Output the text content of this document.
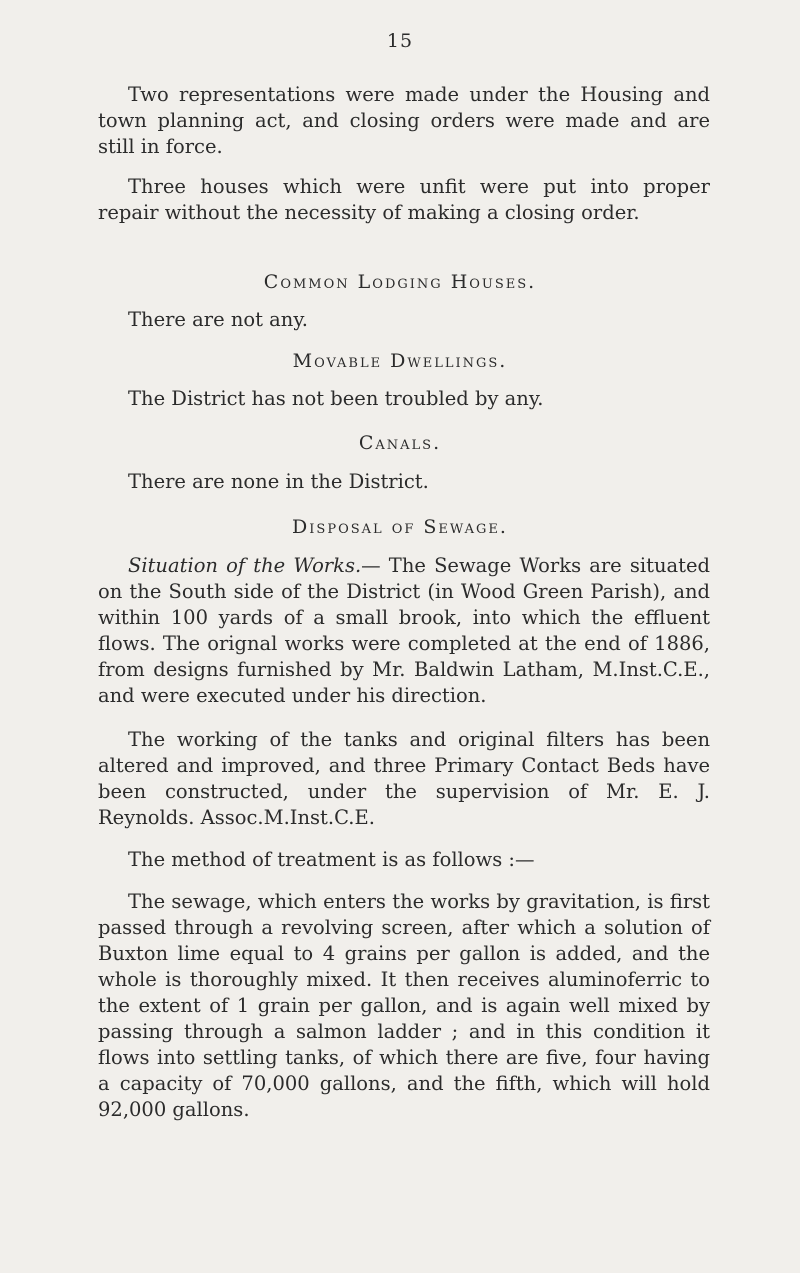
15

Two representations were made under the Housing and town planning act, and closing orders were made and are still in force.

Three houses which were unfit were put into proper repair without the necessity of making a closing order.

Common Lodging Houses.
There are not any.
Movable Dwellings.
The District has not been troubled by any.
Canals.
There are none in the District.
Disposal of Sewage.

Situation of the Works.— The Sewage Works are situated on the South side of the District (in Wood Green Parish), and within 100 yards of a small brook, into which the effluent flows. The orignal works were completed at the end of 1886, from designs furnished by Mr. Baldwin Latham, M.Inst.C.E., and were executed under his direction.

The working of the tanks and original filters has been altered and improved, and three Primary Contact Beds have been constructed, under the supervision of Mr. E. J. Reynolds. Assoc.M.Inst.C.E.

The method of treatment is as follows :—

The sewage, which enters the works by gravitation, is first passed through a revolving screen, after which a solution of Buxton lime equal to 4 grains per gallon is added, and the whole is thoroughly mixed. It then receives aluminoferric to the extent of 1 grain per gallon, and is again well mixed by passing through a salmon ladder ; and in this condition it flows into settling tanks, of which there are five, four having a capacity of 70,000 gallons, and the fifth, which will hold 92,000 gallons.
